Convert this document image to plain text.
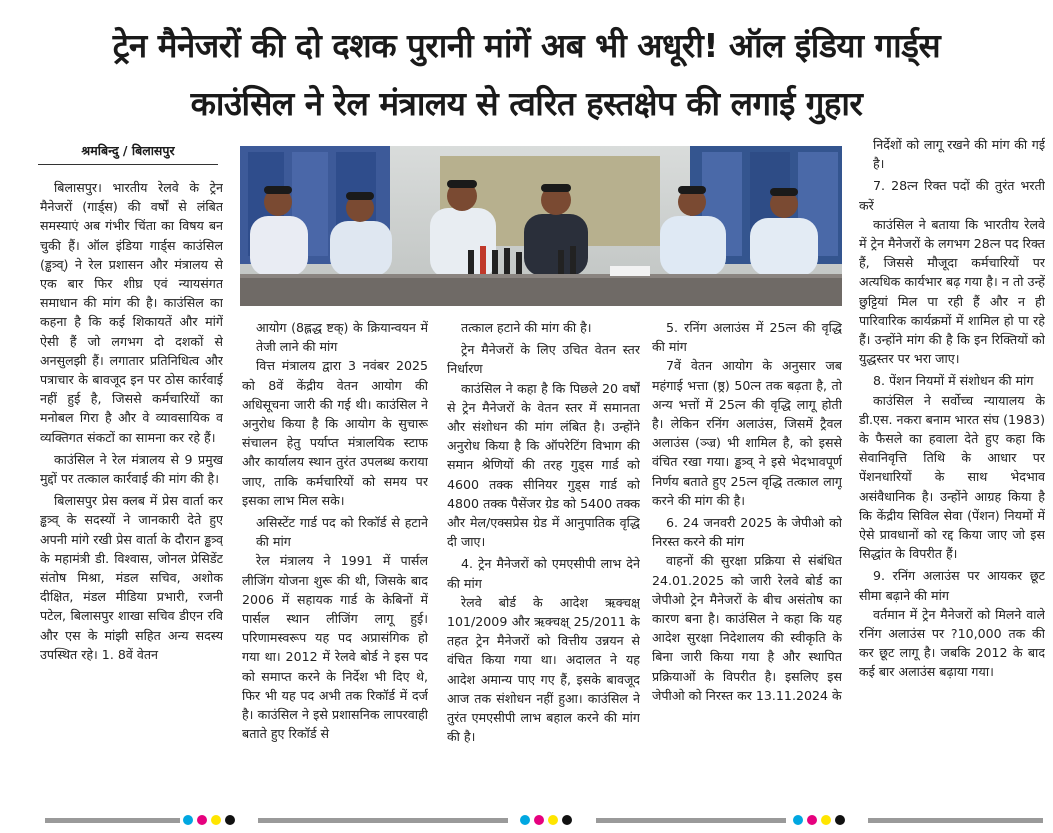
ट्रेन मैनेजरों की दो दशक पुरानी मांगें अब भी अधूरी! ऑल इंडिया गार्ड्स
काउंसिल ने रेल मंत्रालय से त्वरित हस्तक्षेप की लगाई गुहार
श्रमबिन्दु / बिलासपुर

बिलासपुर। भारतीय रेलवे के ट्रेन मैनेजरों (गार्ड्स) की वर्षों से लंबित समस्याएं अब गंभीर चिंता का विषय बन चुकी हैं। ऑल इंडिया गार्ड्स काउंसिल (ड्ढत्र्व्) ने रेल प्रशासन और मंत्रालय से एक बार फिर शीघ्र एवं न्यायसंगत समाधान की मांग की है। काउंसिल का कहना है कि कई शिकायतें और मांगें ऐसी हैं जो लगभग दो दशकों से अनसुलझी हैं। लगातार प्रतिनिधित्व और पत्राचार के बावजूद इन पर ठोस कार्रवाई नहीं हुई है, जिससे कर्मचारियों का मनोबल गिरा है और वे व्यावसायिक व व्यक्तिगत संकटों का सामना कर रहे हैं।

काउंसिल ने रेल मंत्रालय से 9 प्रमुख मुद्दों पर तत्काल कार्रवाई की मांग की है।

बिलासपुर प्रेस क्लब में प्रेस वार्ता कर ड्ढत्र्व् के सदस्यों ने जानकारी देते हुए अपनी मांगे रखी प्रेस वार्ता के दौरान ड्ढत्र्व् के महामंत्री डी. विश्वास, जोनल प्रेसिडेंट संतोष मिश्रा, मंडल सचिव, अशोक दीक्षित, मंडल मीडिया प्रभारी, रजनी पटेल, बिलासपुर शाखा सचिव डीएन रवि और एस के मांझी सहित अन्य सदस्य उपस्थित रहे। 1. 8वें वेतन

आयोग (8ह्लद्ध ष्टक्) के क्रियान्वयन में तेजी लाने की मांग

वित्त मंत्रालय द्वारा 3 नवंबर 2025 को 8वें केंद्रीय वेतन आयोग की अधिसूचना जारी की गई थी। काउंसिल ने अनुरोध किया है कि आयोग के सुचारू संचालन हेतु पर्याप्त मंत्रालयिक स्टाफ और कार्यालय स्थान तुरंत उपलब्ध कराया जाए, ताकि कर्मचारियों को समय पर इसका लाभ मिल सके।

असिस्टेंट गार्ड पद को रिकॉर्ड से हटाने की मांग

रेल मंत्रालय ने 1991 में पार्सल लीजिंग योजना शुरू की थी, जिसके बाद 2006 में सहायक गार्ड के केबिनों में पार्सल स्थान लीजिंग लागू हुई। परिणामस्वरूप यह पद अप्रासंगिक हो गया था। 2012 में रेलवे बोर्ड ने इस पद को समाप्त करने के निर्देश भी दिए थे, फिर भी यह पद अभी तक रिकॉर्ड में दर्ज है। काउंसिल ने इसे प्रशासनिक लापरवाही बताते हुए रिकॉर्ड से

तत्काल हटाने की मांग की है।

ट्रेन मैनेजरों के लिए उचित वेतन स्तर निर्धारण

काउंसिल ने कहा है कि पिछले 20 वर्षों से ट्रेन मैनेजरों के वेतन स्तर में समानता और संशोधन की मांग लंबित है। उन्होंने अनुरोध किया है कि ऑपरेटिंग विभाग की समान श्रेणियों की तरह गुड्स गार्ड को 4600 तक्क सीनियर गुड्स गार्ड को 4800 तक्क पैसेंजर ग्रेड को 5400 तक्क और मेल/एक्सप्रेस ग्रेड में आनुपातिक वृद्धि दी जाए।

4. ट्रेन मैनेजरों को एमएसीपी लाभ देने की मांग

रेलवे बोर्ड के आदेश ऋक्चक्ष् 101/2009 और ऋक्चक्ष् 25/2011 के तहत ट्रेन मैनेजरों को वित्तीय उन्नयन से वंचित किया गया था। अदालत ने यह आदेश अमान्य पाए गए हैं, इसके बावजूद आज तक संशोधन नहीं हुआ। काउंसिल ने तुरंत एमएसीपी लाभ बहाल करने की मांग की है।

5. रनिंग अलाउंस में 25त्न की वृद्धि की मांग

7वें वेतन आयोग के अनुसार जब महंगाई भत्ता (ष्ठ्र) 50त्न तक बढ़ता है, तो अन्य भत्तों में 25त्न की वृद्धि लागू होती है। लेकिन रनिंग अलाउंस, जिसमें ट्रैवल अलाउंस (ञ्ज्र) भी शामिल है, को इससे वंचित रखा गया। ड्ढत्र्व् ने इसे भेदभावपूर्ण निर्णय बताते हुए 25त्न वृद्धि तत्काल लागू करने की मांग की है।

6. 24 जनवरी 2025 के जेपीओ को निरस्त करने की मांग

वाहनों की सुरक्षा प्रक्रिया से संबंधित 24.01.2025 को जारी रेलवे बोर्ड का जेपीओ ट्रेन मैनेजरों के बीच असंतोष का कारण बना है। काउंसिल ने कहा कि यह आदेश सुरक्षा निदेशालय की स्वीकृति के बिना जारी किया गया है और स्थापित प्रक्रियाओं के विपरीत है। इसलिए इस जेपीओ को निरस्त कर 13.11.2024 के

निर्देशों को लागू रखने की मांग की गई है।

7. 28त्न रिक्त पदों की तुरंत भरती करें

काउंसिल ने बताया कि भारतीय रेलवे में ट्रेन मैनेजरों के लगभग 28त्न पद रिक्त हैं, जिससे मौजूदा कर्मचारियों पर अत्यधिक कार्यभार बढ़ गया है। न तो उन्हें छुट्टियां मिल पा रही हैं और न ही पारिवारिक कार्यक्रमों में शामिल हो पा रहे हैं। उन्होंने मांग की है कि इन रिक्तियों को युद्धस्तर पर भरा जाए।

8. पेंशन नियमों में संशोधन की मांग

काउंसिल ने सर्वोच्च न्यायालय के डी.एस. नकरा बनाम भारत संघ (1983) के फैसले का हवाला देते हुए कहा कि सेवानिवृत्ति तिथि के आधार पर पेंशनधारियों के साथ भेदभाव असंवैधानिक है। उन्होंने आग्रह किया है कि केंद्रीय सिविल सेवा (पेंशन) नियमों में ऐसे प्रावधानों को रद्द किया जाए जो इस सिद्धांत के विपरीत हैं।

9. रनिंग अलाउंस पर आयकर छूट सीमा बढ़ाने की मांग

वर्तमान में ट्रेन मैनेजरों को मिलने वाले रनिंग अलाउंस पर ?10,000 तक की कर छूट लागू है। जबकि 2012 के बाद कई बार अलाउंस बढ़ाया गया।
